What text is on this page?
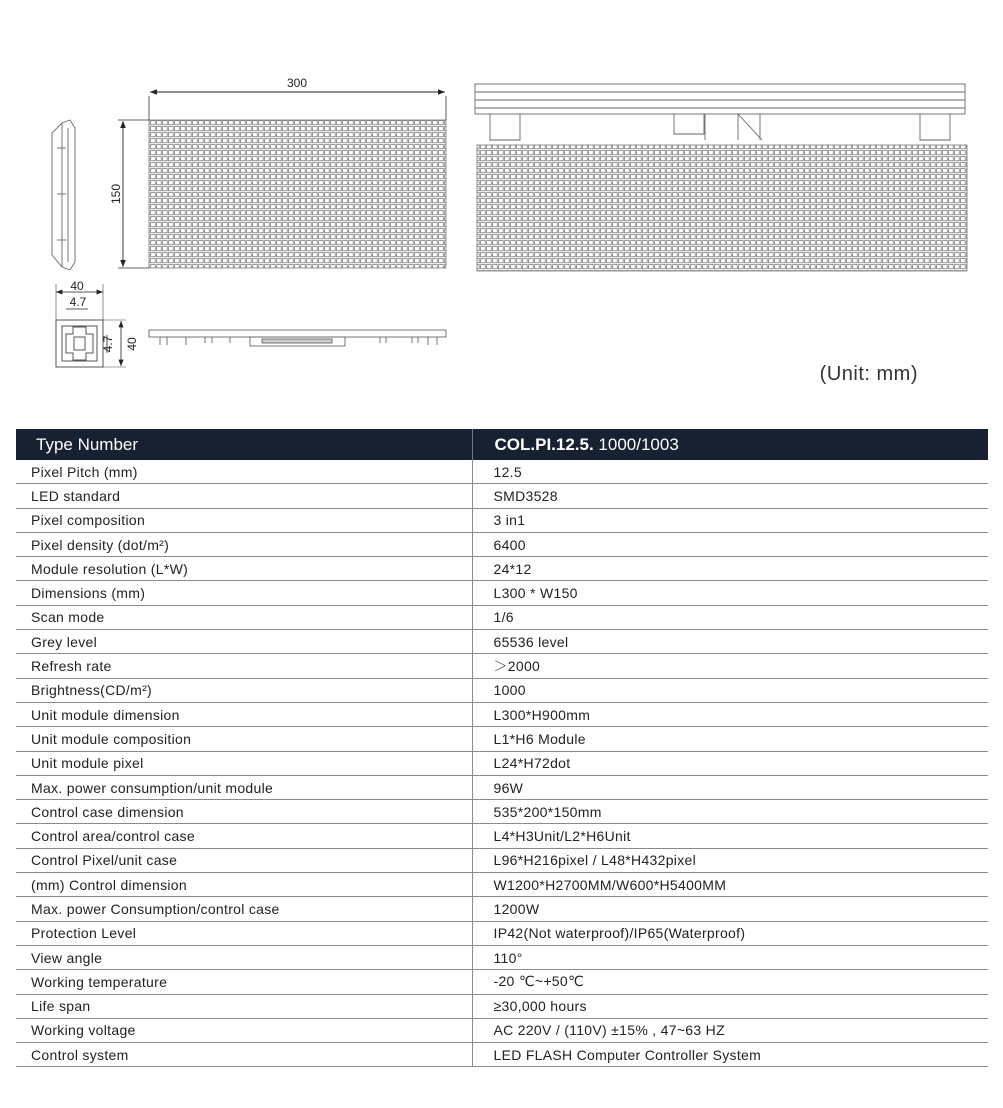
300
150
40
4.7
40
4.7
(Unit: mm)
Type Number	COL.PI.12.5. 1000/1003
Pixel Pitch (mm)	12.5
LED standard	SMD3528
Pixel composition	3 in1
Pixel density (dot/m²)	6400
Module resolution (L*W)	24*12
Dimensions (mm)	L300 * W150
Scan mode	1/6
Grey level	65536 level
Refresh rate	＞2000
Brightness(CD/m²)	1000
Unit module dimension	L300*H900mm
Unit module composition	L1*H6 Module
Unit module pixel	L24*H72dot
Max. power consumption/unit module	96W
Control case dimension	535*200*150mm
Control area/control case	L4*H3Unit/L2*H6Unit
Control Pixel/unit case	L96*H216pixel / L48*H432pixel
(mm) Control dimension	W1200*H2700MM/W600*H5400MM
Max. power Consumption/control case	1200W
Protection Level	IP42(Not waterproof)/IP65(Waterproof)
View angle	110°
Working temperature	-20 ℃~+50℃
Life span	≥30,000 hours
Working voltage	AC 220V / (110V) ±15% , 47~63 HZ
Control system	LED FLASH Computer Controller System
